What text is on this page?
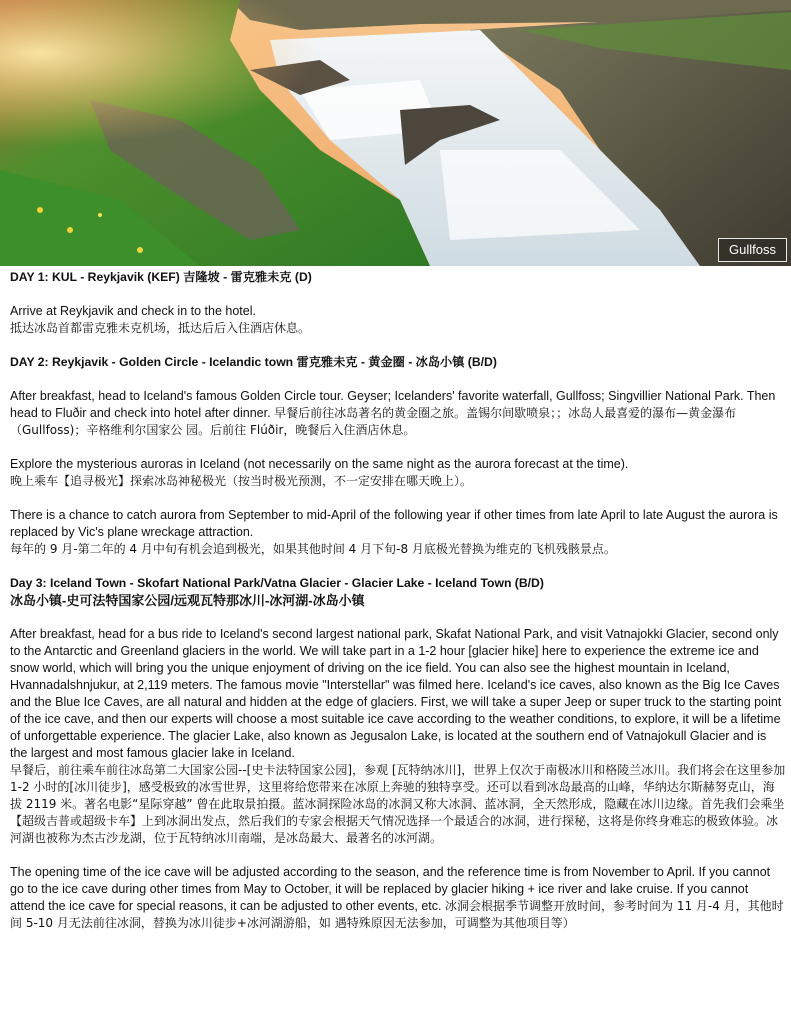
Gullfoss

DAY 1: KUL - Reykjavik (KEF) 吉隆坡 - 雷克雅未克 (D)

Arrive at Reykjavik and check in to the hotel.

抵达冰岛首都雷克雅未克机场，抵达后后入住酒店休息。

DAY 2: Reykjavik - Golden Circle - Icelandic town 雷克雅未克 - 黄金圈 - 冰岛小镇 (B/D)

After breakfast, head to Iceland's famous Golden Circle tour. Geyser; Icelanders' favorite waterfall, Gullfoss; Singvillier National Park. Then head to Fluðir and check into hotel after dinner. 早餐后前往冰岛著名的黄金圈之旅。盖锡尔间歇喷泉；；冰岛人最喜爱的瀑布—黄金瀑布（Gullfoss)；辛格维利尔国家公 园。后前往 Flúðir，晚餐后入住酒店休息。

Explore the mysterious auroras in Iceland (not necessarily on the same night as the aurora forecast at the time).

晚上乘车【追寻极光】探索冰岛神秘极光（按当时极光预测，不一定安排在哪天晚上）。

There is a chance to catch aurora from September to mid-April of the following year if other times from late April to late August the aurora is replaced by Vic's plane wreckage attraction.

每年的 9 月-第二年的 4 月中旬有机会追到极光，如果其他时间 4 月下旬-8 月底极光替换为维克的飞机残骸景点。

Day 3: Iceland Town - Skofart National Park/Vatna Glacier - Glacier Lake - Iceland Town (B/D)

冰岛小镇-史可法特国家公园/远观瓦特那冰川-冰河湖-冰岛小镇

After breakfast, head for a bus ride to Iceland's second largest national park, Skafat National Park, and visit Vatnajokki Glacier, second only to the Antarctic and Greenland glaciers in the world. We will take part in a 1-2 hour [glacier hike] here to experience the extreme ice and snow world, which will bring you the unique enjoyment of driving on the ice field. You can also see the highest mountain in Iceland, Hvannadalshnjukur, at 2,119 meters. The famous movie "Interstellar" was filmed here. Iceland's ice caves, also known as the Big Ice Caves and the Blue Ice Caves, are all natural and hidden at the edge of glaciers. First, we will take a super Jeep or super truck to the starting point of the ice cave, and then our experts will choose a most suitable ice cave according to the weather conditions, to explore, it will be a lifetime of unforgettable experience. The glacier Lake, also known as Jegusalon Lake, is located at the southern end of Vatnajokull Glacier and is the largest and most famous glacier lake in Iceland.

早餐后，前往乘车前往冰岛第二大国家公园--[史卡法特国家公园]，参观 [瓦特纳冰川]，世界上仅次于南极冰川和格陵兰冰川。我们将会在这里参加 1-2 小时的[冰川徒步]，感受极致的冰雪世界，这里将给您带来在冰原上奔驰的独特享受。还可以看到冰岛最高的山峰，华纳达尔斯赫努克山，海拔 2119 米。著名电影“星际穿越” 曾在此取景拍摄。蓝冰洞探险冰岛的冰洞又称大冰洞、蓝冰洞，全天然形成，隐藏在冰川边缘。首先我们会乘坐【超级吉普或超级卡车】上到冰洞出发点，然后我们的专家会根据天气情况选择一个最适合的冰洞，进行探秘，这将是你终身难忘的极致体验。冰河湖也被称为杰古沙龙湖，位于瓦特纳冰川南端，是冰岛最大、最著名的冰河湖。

The opening time of the ice cave will be adjusted according to the season, and the reference time is from November to April. If you cannot go to the ice cave during other times from May to October, it will be replaced by glacier hiking + ice river and lake cruise. If you cannot attend the ice cave for special reasons, it can be adjusted to other events, etc. 冰洞会根据季节调整开放时间，参考时间为 11 月-4 月，其他时间 5-10 月无法前往冰洞，替换为冰川徒步+冰河湖游船，如 遇特殊原因无法参加，可调整为其他项目等）
